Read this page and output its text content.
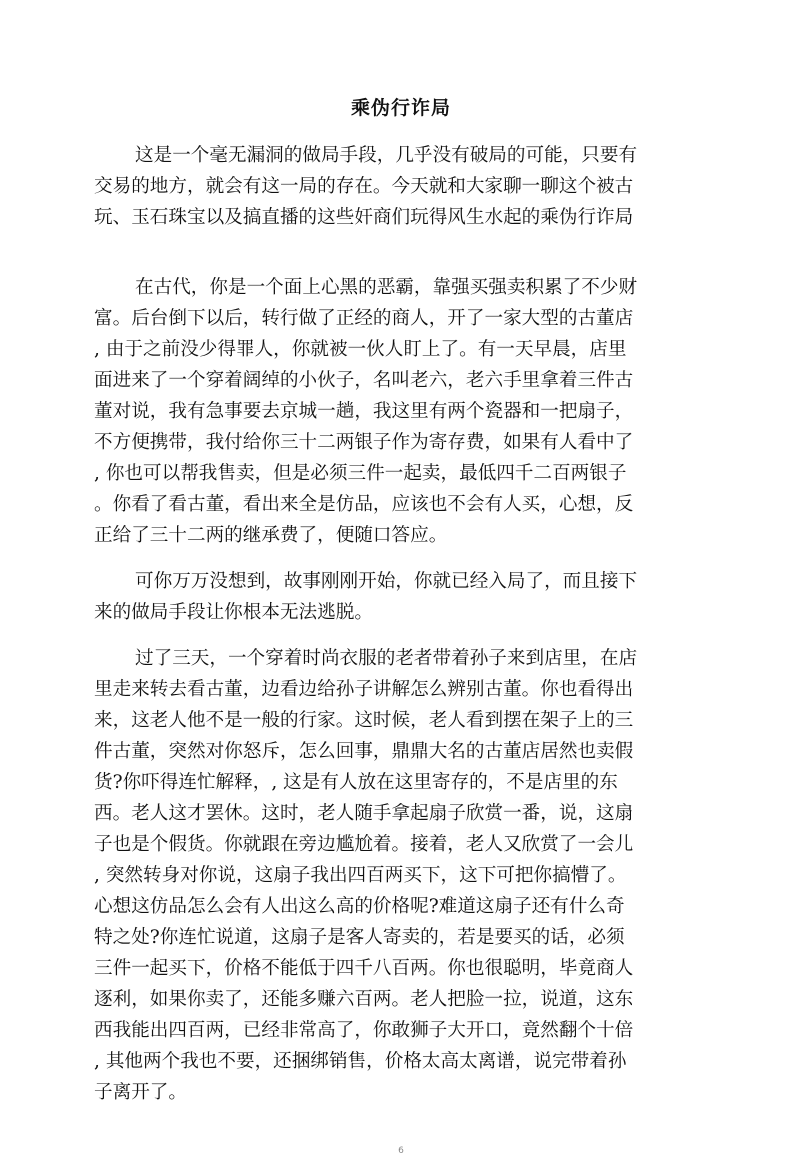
乘伪行诈局

这是一个毫无漏洞的做局手段，几乎没有破局的可能，只要有
交易的地方，就会有这一局的存在。今天就和大家聊一聊这个被古
玩、玉石珠宝以及搞直播的这些奸商们玩得风生水起的乘伪行诈局

在古代，你是一个面上心黑的恶霸，靠强买强卖积累了不少财
富。后台倒下以后，转行做了正经的商人，开了一家大型的古董店
, 由于之前没少得罪人，你就被一伙人盯上了。有一天早晨，店里
面进来了一个穿着阔绰的小伙子，名叫老六，老六手里拿着三件古
董对说，我有急事要去京城一趟，我这里有两个瓷器和一把扇子，
不方便携带，我付给你三十二两银子作为寄存费，如果有人看中了
, 你也可以帮我售卖，但是必须三件一起卖，最低四千二百两银子
。你看了看古董，看出来全是仿品，应该也不会有人买，心想，反
正给了三十二两的继承费了，便随口答应。

可你万万没想到，故事刚刚开始，你就已经入局了，而且接下
来的做局手段让你根本无法逃脱。

过了三天，一个穿着时尚衣服的老者带着孙子来到店里，在店
里走来转去看古董，边看边给孙子讲解怎么辨别古董。你也看得出
来，这老人他不是一般的行家。这时候，老人看到摆在架子上的三
件古董，突然对你怒斥，怎么回事，鼎鼎大名的古董店居然也卖假
货?你吓得连忙解释，, 这是有人放在这里寄存的，不是店里的东
西。老人这才罢休。这时，老人随手拿起扇子欣赏一番，说，这扇
子也是个假货。你就跟在旁边尴尬着。接着，老人又欣赏了一会儿
, 突然转身对你说，这扇子我出四百两买下，这下可把你搞懵了。
心想这仿品怎么会有人出这么高的价格呢?难道这扇子还有什么奇
特之处?你连忙说道，这扇子是客人寄卖的，若是要买的话，必须
三件一起买下，价格不能低于四千八百两。你也很聪明，毕竟商人
逐利，如果你卖了，还能多赚六百两。老人把脸一拉，说道，这东
西我能出四百两，已经非常高了，你敢狮子大开口，竟然翻个十倍
, 其他两个我也不要，还捆绑销售，价格太高太离谱，说完带着孙
子离开了。

6
